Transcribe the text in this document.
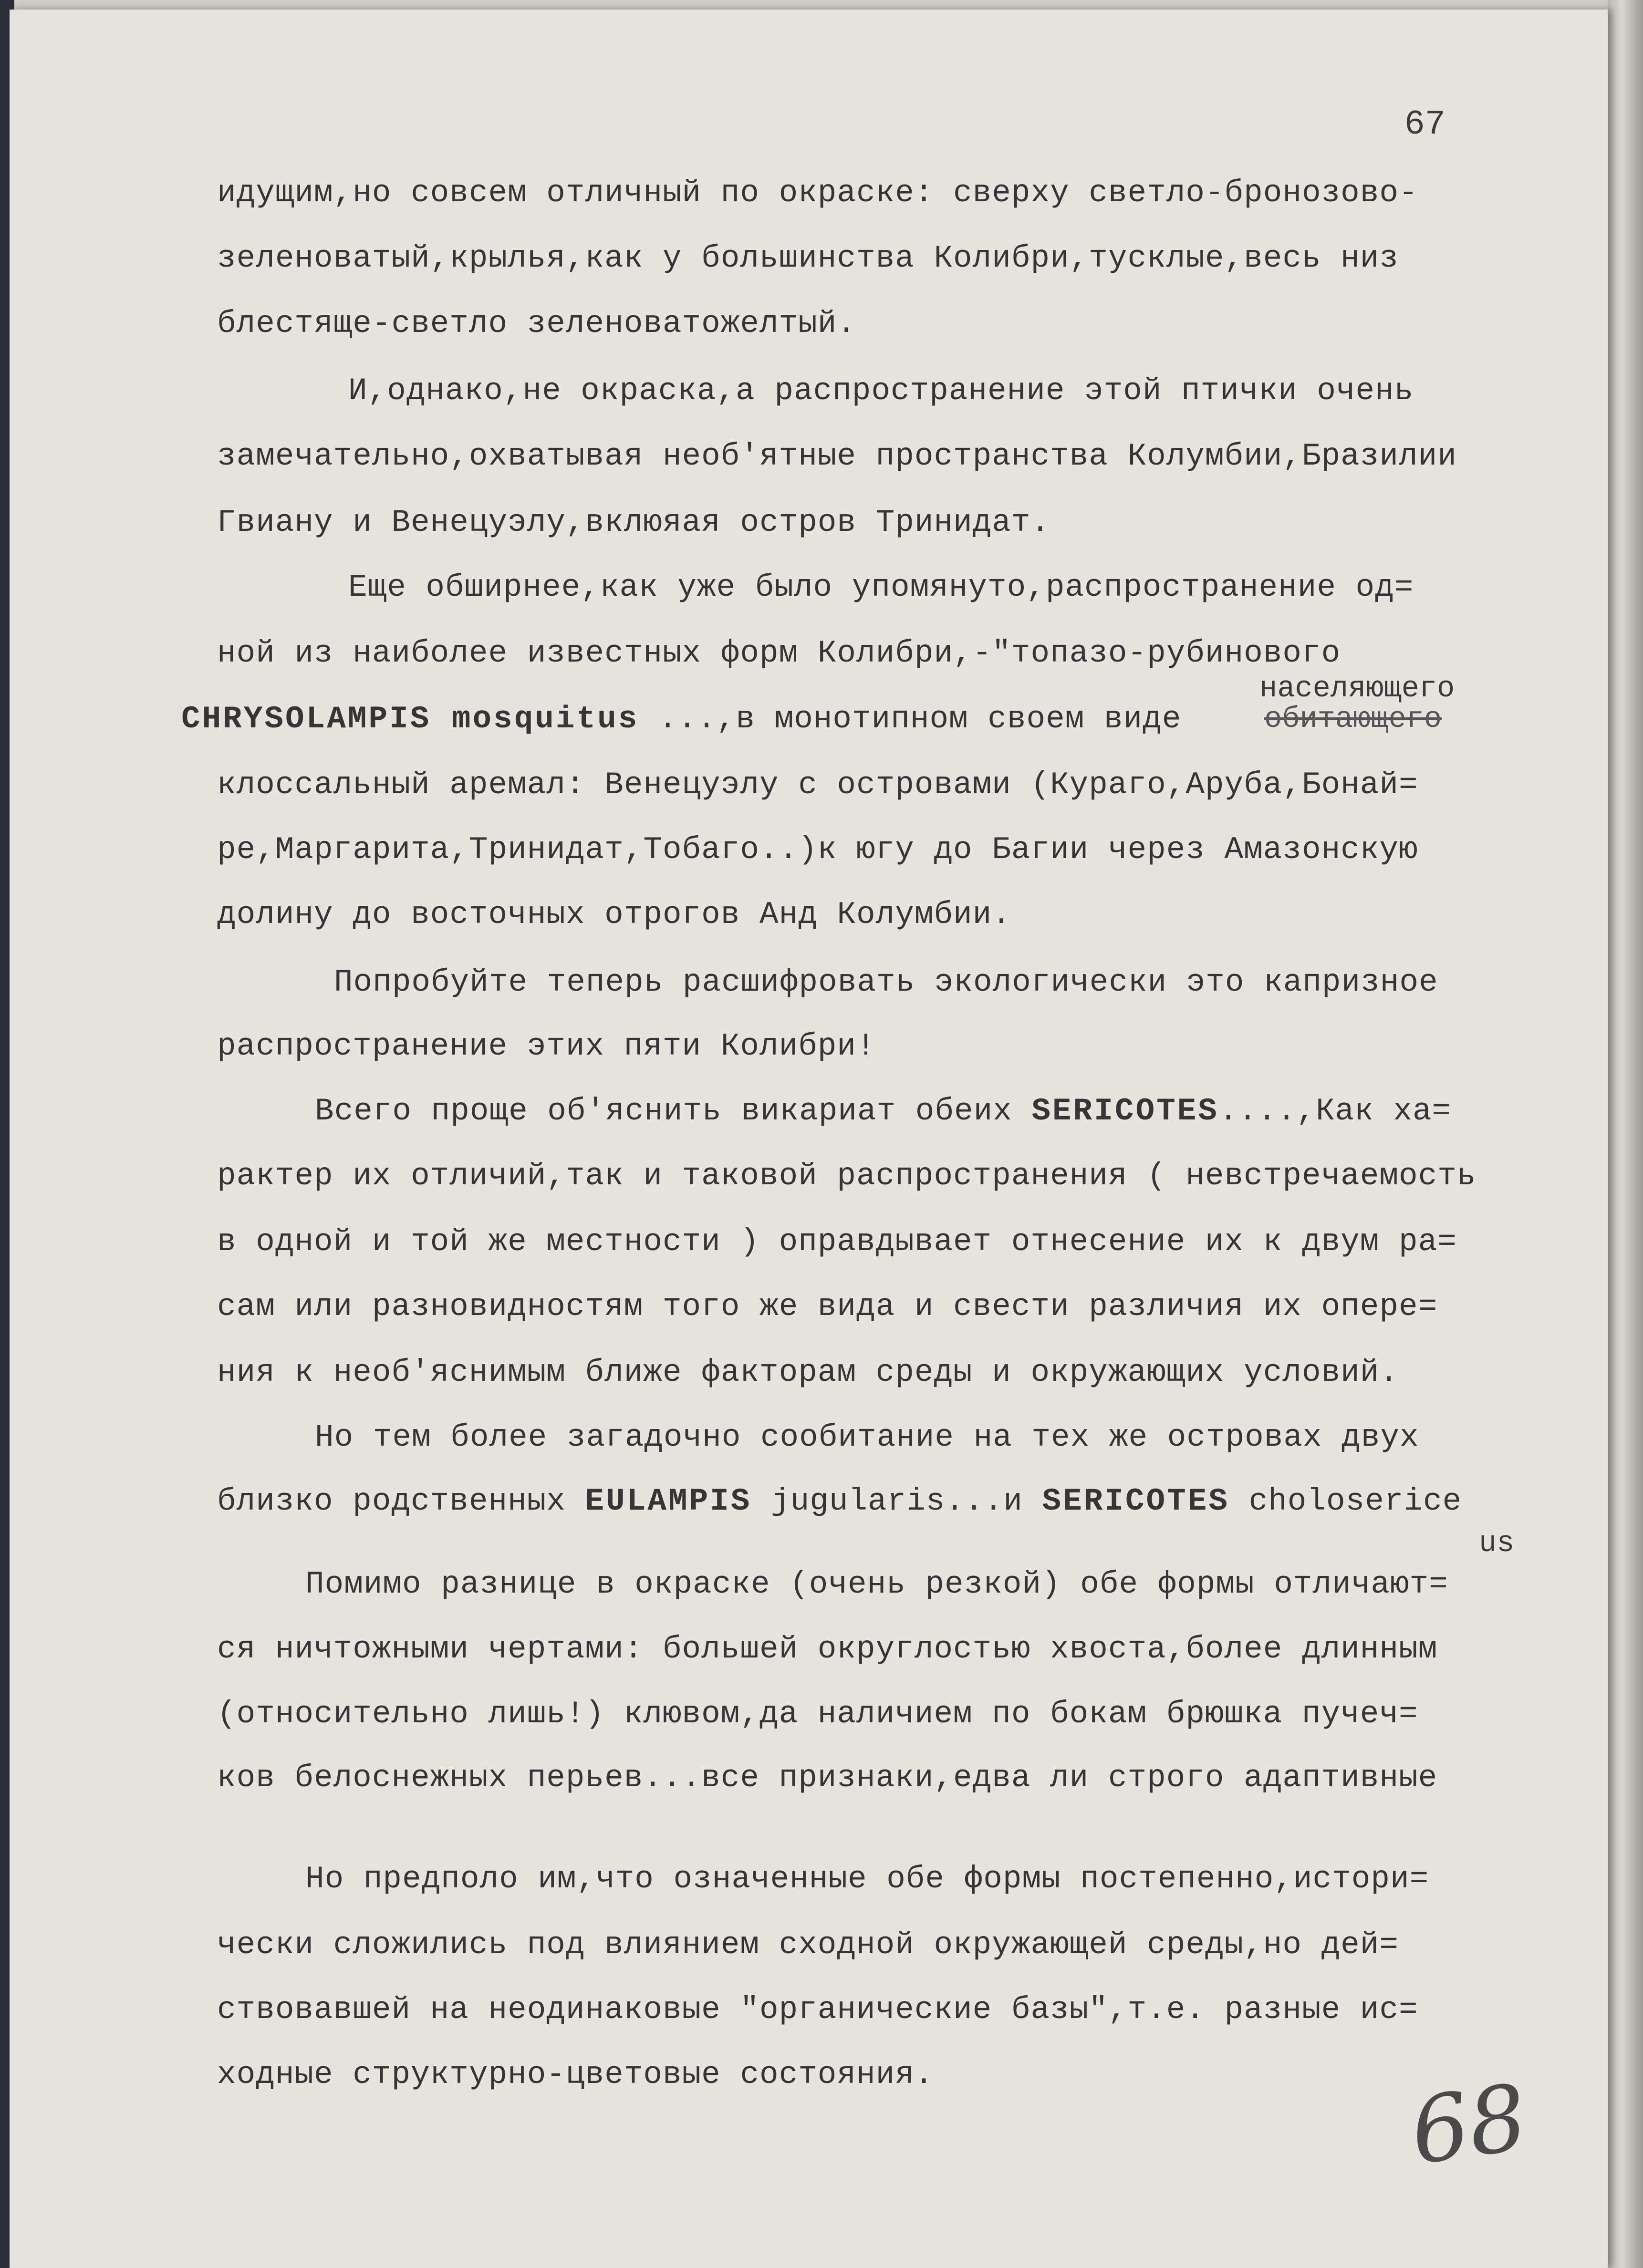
67
идущим,но совсем отличный по окраске: сверху светло-бронозово-
зеленоватый,крылья,как у большинства Колибри,тусклые,весь низ
блестяще-светло зеленоватожелтый.
И,однако,не окраска,а распространение этой птички очень
замечательно,охватывая необ'ятные пространства Колумбии,Бразилии
Гвиану и Венецуэлу,вклюяая остров Тринидат.
Еще обширнее,как уже было упомянуто,распространение од=
ной из наиболее известных форм Колибри,-"топазо-рубинового
населяющего
CHRYSOLAMPIS mosquitus ...,в монотипном своем виде	обитающего
клоссальный аремал: Венецуэлу с островами (Кураго,Аруба,Бонай=
ре,Маргарита,Тринидат,Тобаго..)к югу до Багии через Амазонскую
долину до восточных отрогов Анд Колумбии.
Попробуйте теперь расшифровать экологически это капризное
распространение этих пяти Колибри!
Всего проще об'яснить викариат обеих SERICOTES....,Как ха=
рактер их отличий,так и таковой распространения ( невстречаемость
в одной и той же местности ) оправдывает отнесение их к двум ра=
сам или разновидностям того же вида и свести различия их опере=
ния к необ'яснимым ближе факторам среды и окружающих условий.
Но тем более загадочно сообитание на тех же островах двух
близко родственных EULAMPIS jugularis...и SERICOTES choloserice
us
Помимо разнице в окраске (очень резкой) обе формы отличают=
ся ничтожными чертами: большей округлостью хвоста,более длинным
(относительно лишь!) клювом,да наличием по бокам брюшка пучеч=
ков белоснежных перьев...все признаки,едва ли строго адаптивные
Но предполо им,что означенные обе формы постепенно,истори=
чески сложились под влиянием сходной окружающей среды,но дей=
ствовавшей на неодинаковые "органические базы",т.е. разные ис=
ходные структурно-цветовые состояния.	68
